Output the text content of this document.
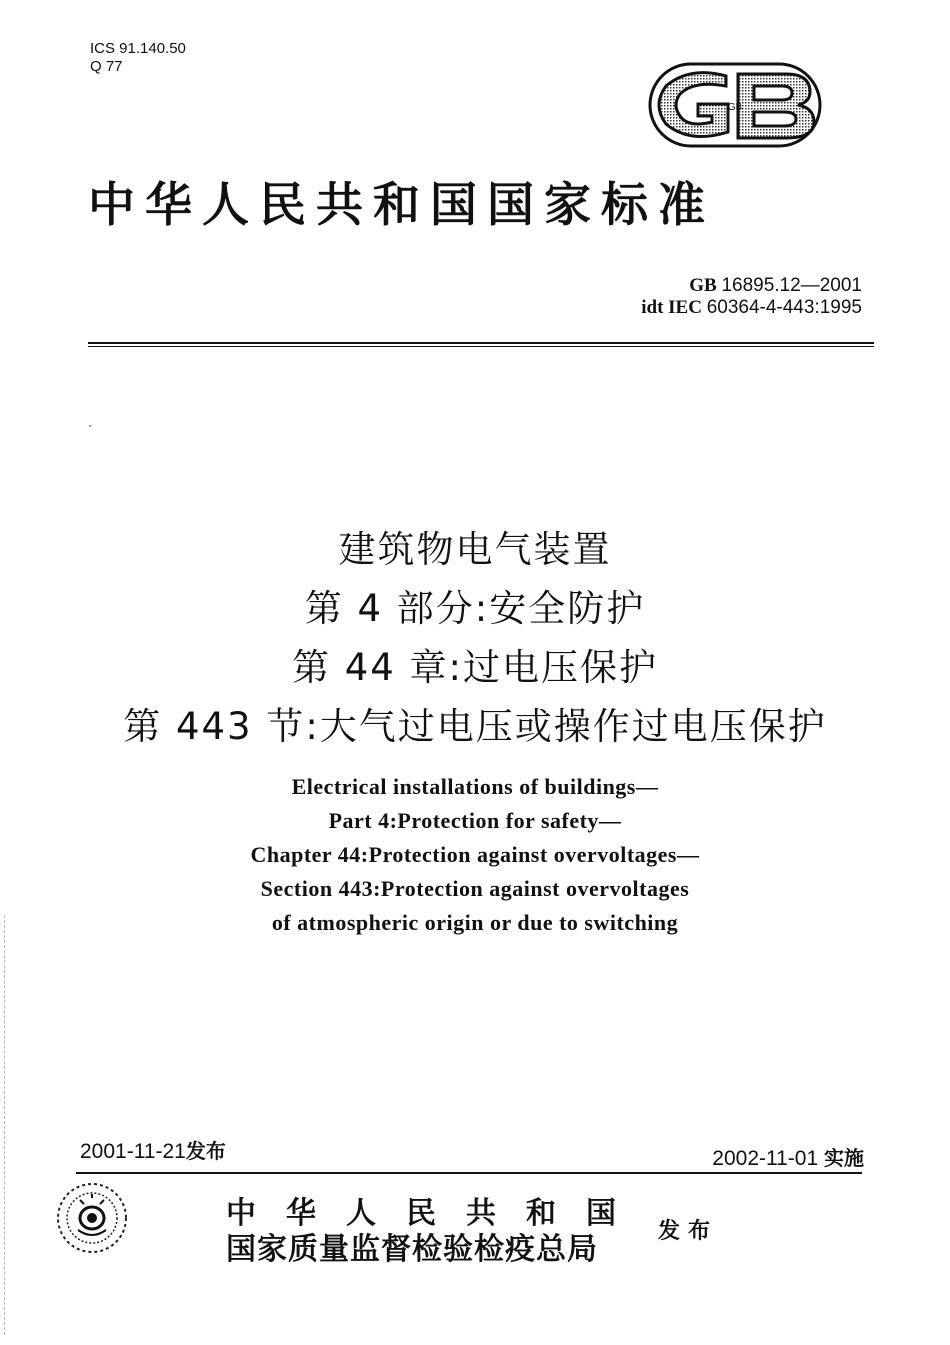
ICS 91.140.50
Q 77
GB
中华人民共和国国家标准
GB 16895.12—2001
idt IEC 60364-4-443:1995
建筑物电气装置
第 4 部分:安全防护
第 44 章:过电压保护
第 443 节:大气过电压或操作过电压保护
Electrical installations of buildings—
Part 4:Protection for safety—
Chapter 44:Protection against overvoltages—
Section 443:Protection against overvoltages
of atmospheric origin or due to switching
2001-11-21发布	2002-11-01 实施
中华人民共和国
国家质量监督检验检疫总局
发布
